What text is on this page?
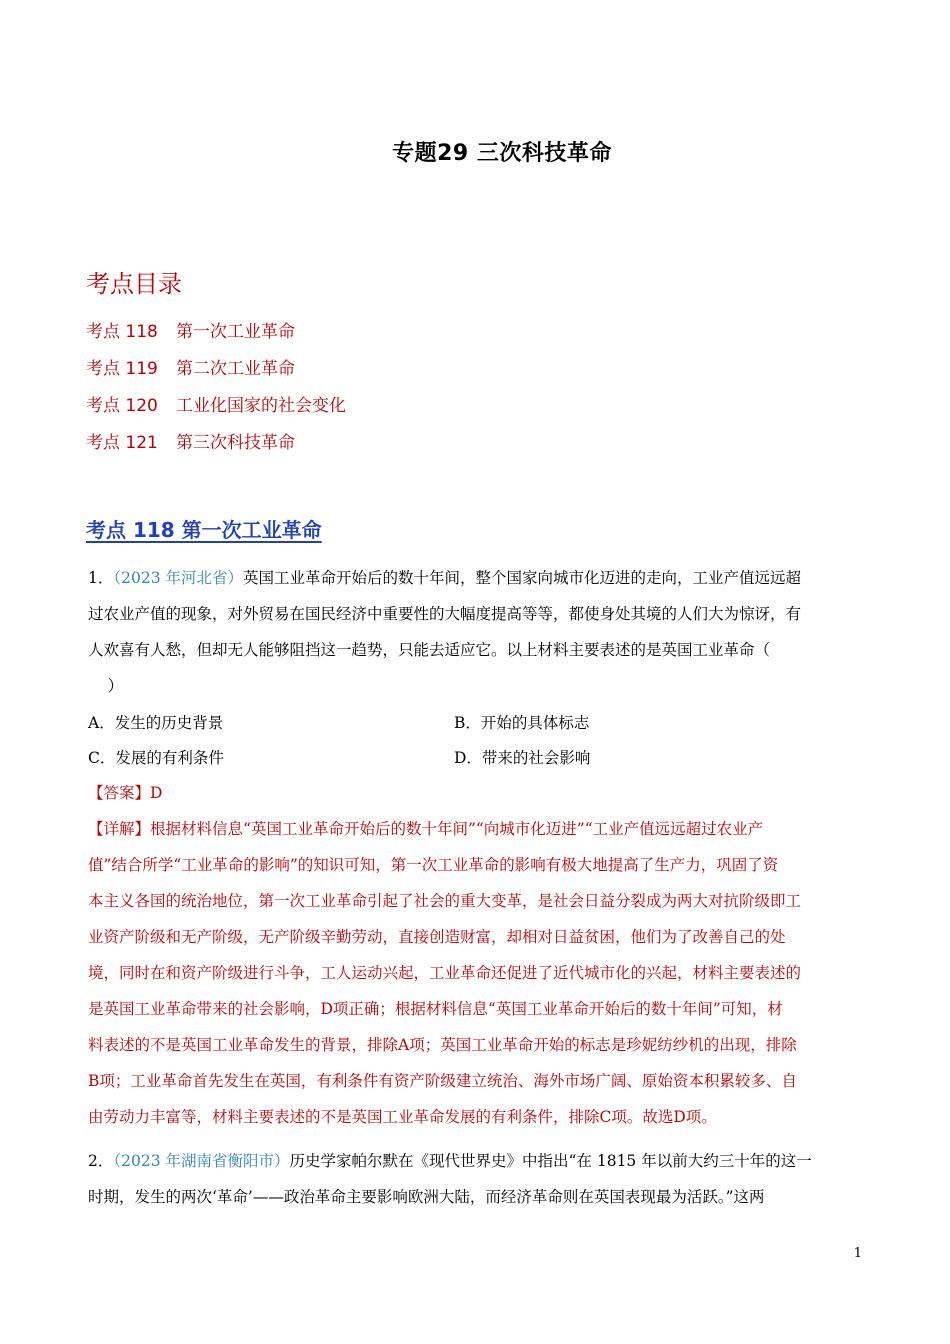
专题29 三次科技革命
考点目录
考点 118 第一次工业革命
考点 119 第二次工业革命
考点 120 工业化国家的社会变化
考点 121 第三次科技革命
考点 118 第一次工业革命
1．（2023 年河北省）英国工业革命开始后的数十年间，整个国家向城市化迈进的走向，工业产值远远超
过农业产值的现象，对外贸易在国民经济中重要性的大幅度提高等等，都使身处其境的人们大为惊讶，有
人欢喜有人愁，但却无人能够阻挡这一趋势，只能去适应它。以上材料主要表述的是英国工业革命（
）
A．发生的历史背景	B．开始的具体标志
C．发展的有利条件	D．带来的社会影响
【答案】D
【详解】根据材料信息“英国工业革命开始后的数十年间”“向城市化迈进”“工业产值远远超过农业产
值”结合所学“工业革命的影响”的知识可知，第一次工业革命的影响有极大地提高了生产力，巩固了资
本主义各国的统治地位，第一次工业革命引起了社会的重大变革，是社会日益分裂成为两大对抗阶级即工
业资产阶级和无产阶级，无产阶级辛勤劳动，直接创造财富，却相对日益贫困，他们为了改善自己的处
境，同时在和资产阶级进行斗争，工人运动兴起，工业革命还促进了近代城市化的兴起，材料主要表述的
是英国工业革命带来的社会影响，D项正确；根据材料信息“英国工业革命开始后的数十年间”可知，材
料表述的不是英国工业革命发生的背景，排除A项；英国工业革命开始的标志是珍妮纺纱机的出现，排除
B项；工业革命首先发生在英国，有利条件有资产阶级建立统治、海外市场广阔、原始资本积累较多、自
由劳动力丰富等，材料主要表述的不是英国工业革命发展的有利条件，排除C项。故选D项。
2．（2023 年湖南省衡阳市）历史学家帕尔默在《现代世界史》中指出“在 1815 年以前大约三十年的这一
时期，发生的两次‘革命’——政治革命主要影响欧洲大陆，而经济革命则在英国表现最为活跃。”这两
1
